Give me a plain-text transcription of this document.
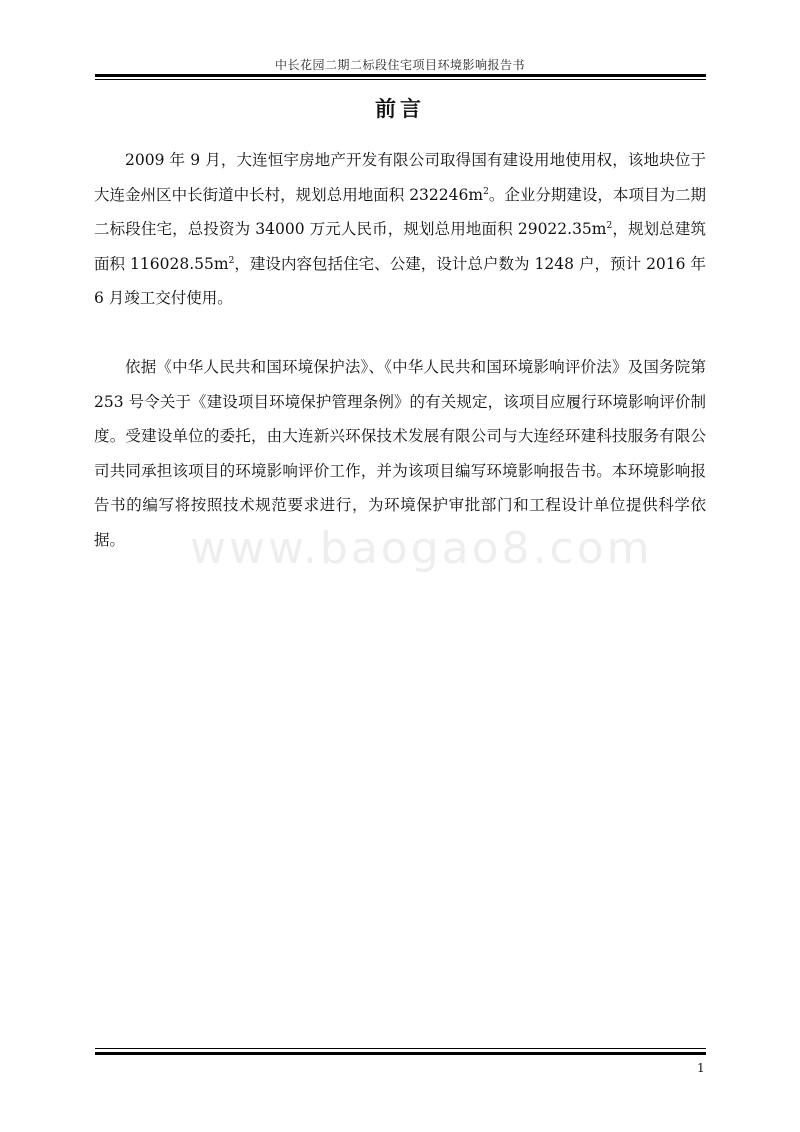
中长花园二期二标段住宅项目环境影响报告书
前言

2009 年 9 月，大连恒宇房地产开发有限公司取得国有建设用地使用权，该地块位于大连金州区中长街道中长村，规划总用地面积 $232246m^2$。企业分期建设，本项目为二期二标段住宅，总投资为 34000 万元人民币，规划总用地面积 $29022.35m^2$，规划总建筑面积 $116028.55m^2$，建设内容包括住宅、公建，设计总户数为 1248 户，预计 2016 年 6 月竣工交付使用。

依据《中华人民共和国环境保护法》、《中华人民共和国环境影响评价法》及国务院第 253 号令关于《建设项目环境保护管理条例》的有关规定，该项目应履行环境影响评价制度。受建设单位的委托，由大连新兴环保技术发展有限公司与大连经环建科技服务有限公司共同承担该项目的环境影响评价工作，并为该项目编写环境影响报告书。本环境影响报告书的编写将按照技术规范要求进行，为环境保护审批部门和工程设计单位提供科学依据。	www.baogao8.com
1
